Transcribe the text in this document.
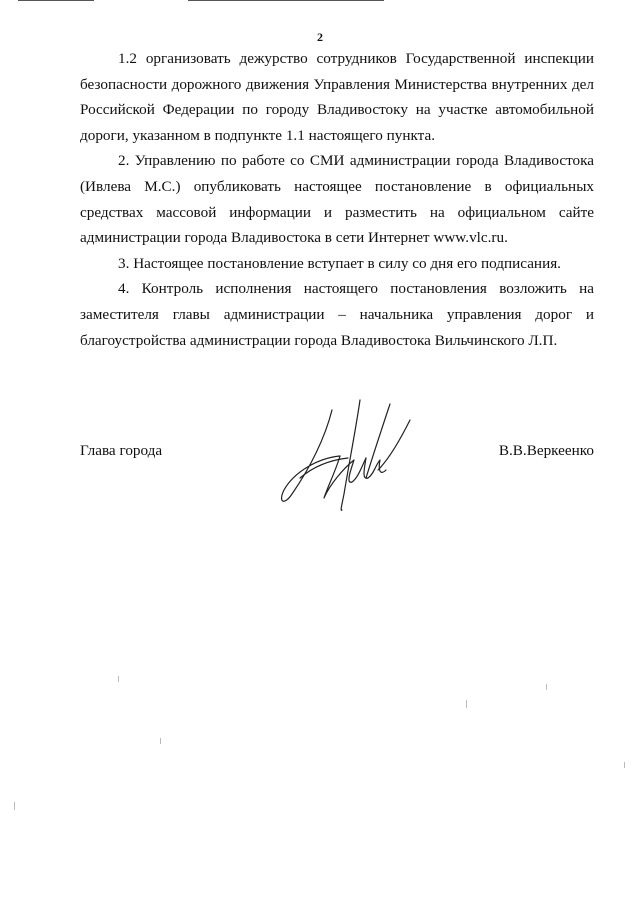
2

1.2 организовать дежурство сотрудников Государственной инспекции безопасности дорожного движения Управления Министерства внутренних дел Российской Федерации по городу Владивостоку на участке автомобильной дороги, указанном в подпункте 1.1 настоящего пункта.

2. Управлению по работе со СМИ администрации города Владивостока (Ивлева М.С.) опубликовать настоящее постановление в официальных средствах массовой информации и разместить на официальном сайте администрации города Владивостока в сети Интернет www.vlc.ru.

3. Настоящее постановление вступает в силу со дня его подписания.

4. Контроль исполнения настоящего постановления возложить на заместителя главы администрации – начальника управления дорог и благоустройства администрации города Владивостока Вильчинского Л.П.

Глава города	В.В.Веркеенко
